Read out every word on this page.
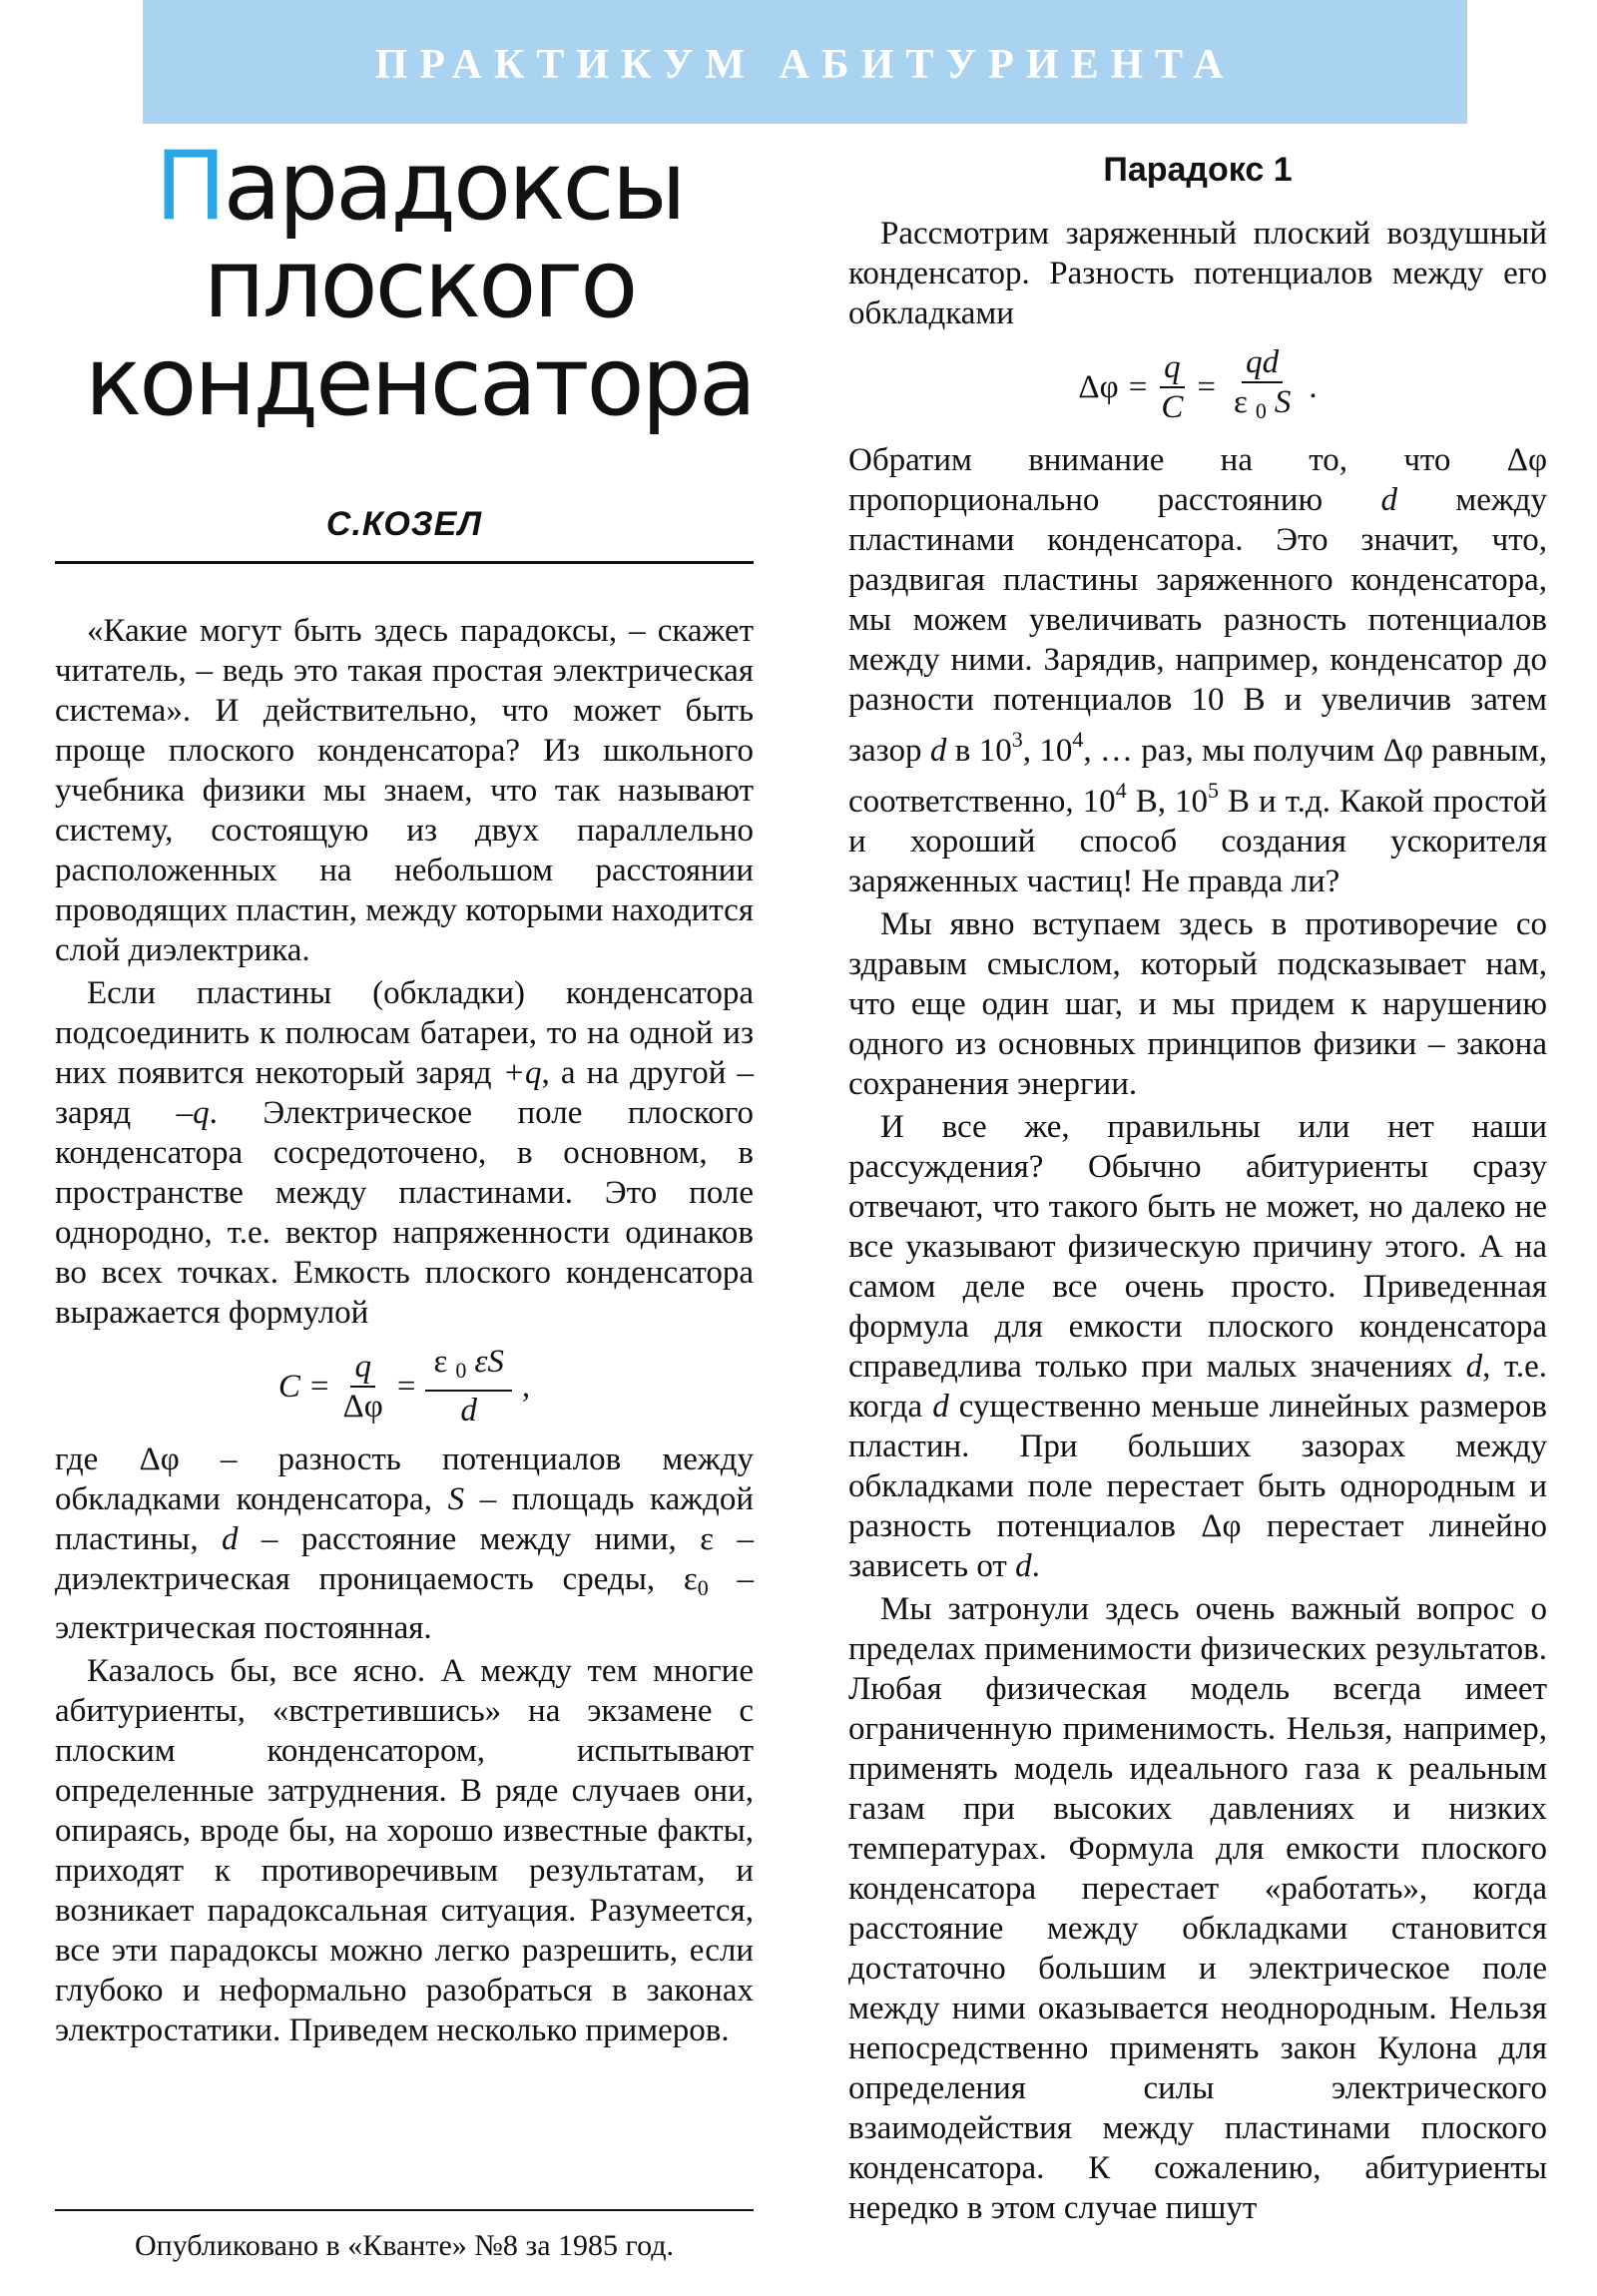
ПРАКТИКУМ АБИТУРИЕНТА
Парадоксы
плоского
конденсатора
С.КОЗЕЛ

«Какие могут быть здесь парадоксы, – скажет читатель, – ведь это такая простая электрическая система». И действительно, что может быть проще плоского конденсатора? Из школьного учебника физики мы знаем, что так называют систему, состоящую из двух параллельно расположенных на небольшом расстоянии проводящих пластин, между которыми находится слой диэлектрика.

Если пластины (обкладки) конденсатора подсоединить к полюсам батареи, то на одной из них появится некоторый заряд +q, а на другой – заряд –q. Электрическое поле плоского конденсатора сосредоточено, в основном, в пространстве между пластинами. Это поле однородно, т.е. вектор напряженности одинаков во всех точках. Емкость плоского конденсатора выражается формулой

$C = \frac{q}{\Delta\varphi} = \frac{\varepsilon _0 \varepsilon S}{d}$ ,

где Δφ – разность потенциалов между обкладками конденсатора, S – площадь каждой пластины, d – расстояние между ними, ε – диэлектрическая проницаемость среды, $\varepsilon_0$ – электрическая постоянная.

Казалось бы, все ясно. А между тем многие абитуриенты, «встретившись» на экзамене с плоским конденсатором, испытывают определенные затруднения. В ряде случаев они, опираясь, вроде бы, на хорошо известные факты, приходят к противоречивым результатам, и возникает парадоксальная ситуация. Разумеется, все эти парадоксы можно легко разрешить, если глубоко и неформально разобраться в законах электростатики. Приведем несколько примеров.

Опубликовано в «Кванте» №8 за 1985 год.
Парадокс 1

Рассмотрим заряженный плоский воздушный конденсатор. Разность потенциалов между его обкладками

$\Delta\varphi = \frac{q}{C} = \frac{qd}{\varepsilon _0 S}$ .

Обратим внимание на то, что Δφ пропорционально расстоянию d между пластинами конденсатора. Это значит, что, раздвигая пластины заряженного конденсатора, мы можем увеличивать разность потенциалов между ними. Зарядив, например, конденсатор до разности потенциалов 10 В и увеличив затем зазор d в $10^3$, $10^4$, … раз, мы получим Δφ равным, соответственно, $10^4$ В, $10^5$ В и т.д. Какой простой и хороший способ создания ускорителя заряженных частиц! Не правда ли?

Мы явно вступаем здесь в противоречие со здравым смыслом, который подсказывает нам, что еще один шаг, и мы придем к нарушению одного из основных принципов физики – закона сохранения энергии.

И все же, правильны или нет наши рассуждения? Обычно абитуриенты сразу отвечают, что такого быть не может, но далеко не все указывают физическую причину этого. А на самом деле все очень просто. Приведенная формула для емкости плоского конденсатора справедлива только при малых значениях d, т.е. когда d существенно меньше линейных размеров пластин. При больших зазорах между обкладками поле перестает быть однородным и разность потенциалов Δφ перестает линейно зависеть от d.

Мы затронули здесь очень важный вопрос о пределах применимости физических результатов. Любая физическая модель всегда имеет ограниченную применимость. Нельзя, например, применять модель идеального газа к реальным газам при высоких давлениях и низких температурах. Формула для емкости плоского конденсатора перестает «работать», когда расстояние между обкладками становится достаточно большим и электрическое поле между ними оказывается неоднородным. Нельзя непосредственно применять закон Кулона для определения силы электрического взаимодействия между пластинами плоского конденсатора. К сожалению, абитуриенты нередко в этом случае пишут
